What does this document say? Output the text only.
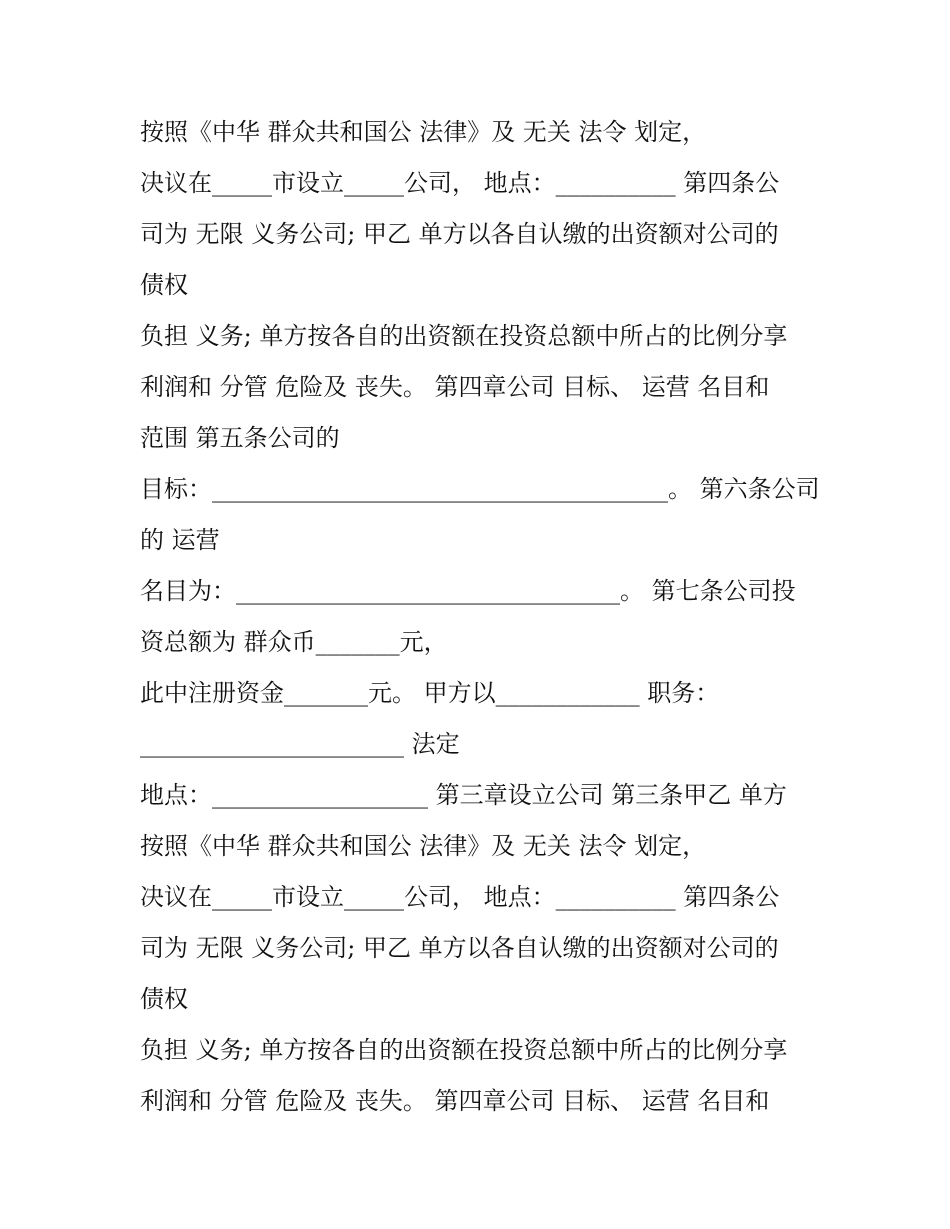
按照《中华 群众共和国公 法律》及 无关 法令 划定，
决议在_____市设立_____公司， 地点：__________ 第四条公
司为 无限 义务公司; 甲乙 单方以各自认缴的出资额对公司的
债权
负担 义务; 单方按各自的出资额在投资总额中所占的比例分享
利润和 分管 危险及 丧失。 第四章公司 目标、 运营 名目和
范围 第五条公司的
目标：______________________________________。 第六条公司
的 运营
名目为：________________________________。 第七条公司投
资总额为 群众币_______元，
此中注册资金_______元。 甲方以____________ 职务：
______________________ 法定
地点：__________________ 第三章设立公司 第三条甲乙 单方
按照《中华 群众共和国公 法律》及 无关 法令 划定，
决议在_____市设立_____公司， 地点：__________ 第四条公
司为 无限 义务公司; 甲乙 单方以各自认缴的出资额对公司的
债权
负担 义务; 单方按各自的出资额在投资总额中所占的比例分享
利润和 分管 危险及 丧失。 第四章公司 目标、 运营 名目和
